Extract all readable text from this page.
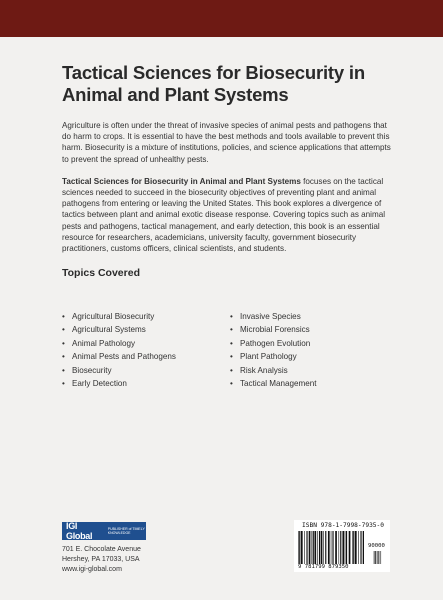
Tactical Sciences for Biosecurity in Animal and Plant Systems

Agriculture is often under the threat of invasive species of animal pests and pathogens that do harm to crops. It is essential to have the best methods and tools available to prevent this harm. Biosecurity is a mixture of institutions, policies, and science applications that attempts to prevent the spread of unhealthy pests.

Tactical Sciences for Biosecurity in Animal and Plant Systems focuses on the tactical sciences needed to succeed in the biosecurity objectives of preventing plant and animal pathogens from entering or leaving the United States. This book explores a divergence of tactics between plant and animal exotic disease response. Covering topics such as animal pests and pathogens, tactical management, and early detection, this book is an essential resource for researchers, academicians, university faculty, government biosecurity practitioners, customs officers, clinical scientists, and students.

Topics Covered
• Agricultural Biosecurity
• Agricultural Systems
• Animal Pathology
• Animal Pests and Pathogens
• Biosecurity
• Early Detection
• Invasive Species
• Microbial Forensics
• Pathogen Evolution
• Plant Pathology
• Risk Analysis
• Tactical Management
IGI Global
PUBLISHER of TIMELY KNOWLEDGE
701 E. Chocolate Avenue
Hershey, PA 17033, USA
www.igi-global.com
ISBN 978-1-7998-7935-0
9 781799 879350
90000
